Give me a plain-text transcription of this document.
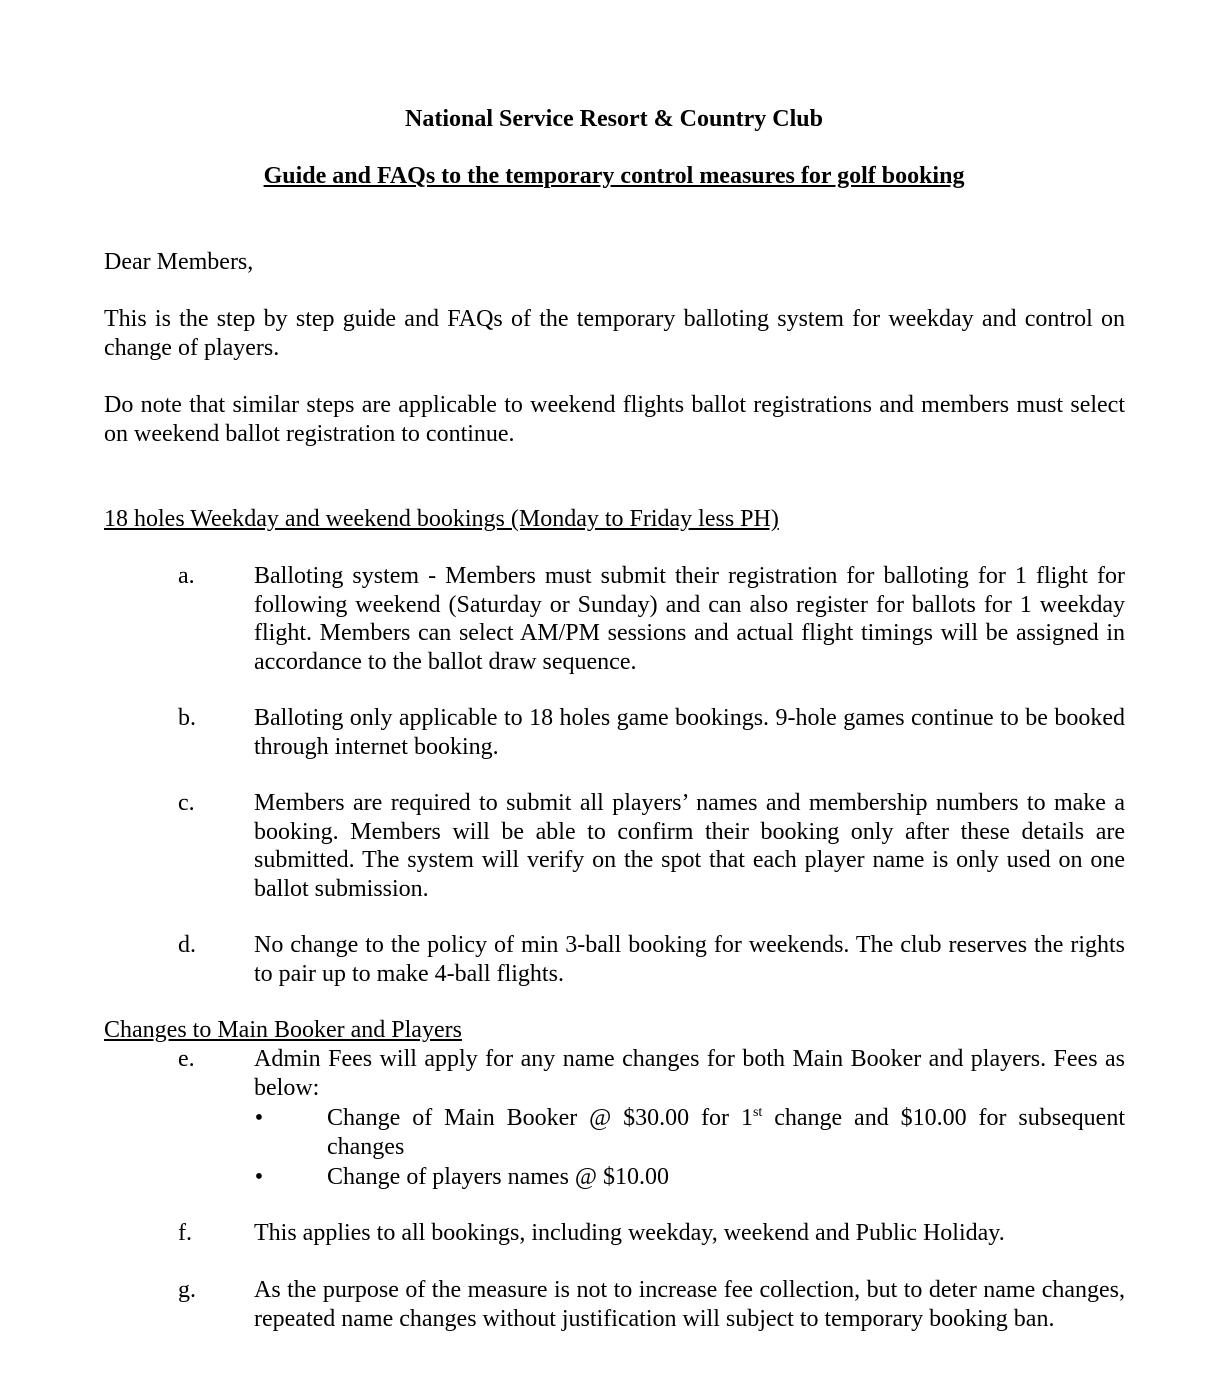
National Service Resort & Country Club
Guide and FAQs to the temporary control measures for golf booking
Dear Members,
This is the step by step guide and FAQs of the temporary balloting system for weekday and control on change of players.
Do note that similar steps are applicable to weekend flights ballot registrations and members must select on weekend ballot registration to continue.
18 holes Weekday and weekend bookings (Monday to Friday less PH)
a. Balloting system - Members must submit their registration for balloting for 1 flight for following weekend (Saturday or Sunday) and can also register for ballots for 1 weekday flight. Members can select AM/PM sessions and actual flight timings will be assigned in accordance to the ballot draw sequence.
b. Balloting only applicable to 18 holes game bookings. 9-hole games continue to be booked through internet booking.
c. Members are required to submit all players’ names and membership numbers to make a booking. Members will be able to confirm their booking only after these details are submitted. The system will verify on the spot that each player name is only used on one ballot submission.
d. No change to the policy of min 3-ball booking for weekends. The club reserves the rights to pair up to make 4-ball flights.
Changes to Main Booker and Players
e. Admin Fees will apply for any name changes for both Main Booker and players. Fees as below:
•	Change of Main Booker @ $30.00 for 1st change and $10.00 for subsequent changes
•	Change of players names @ $10.00
f.	This applies to all bookings, including weekday, weekend and Public Holiday.
g. As the purpose of the measure is not to increase fee collection, but to deter name changes, repeated name changes without justification will subject to temporary booking ban.
